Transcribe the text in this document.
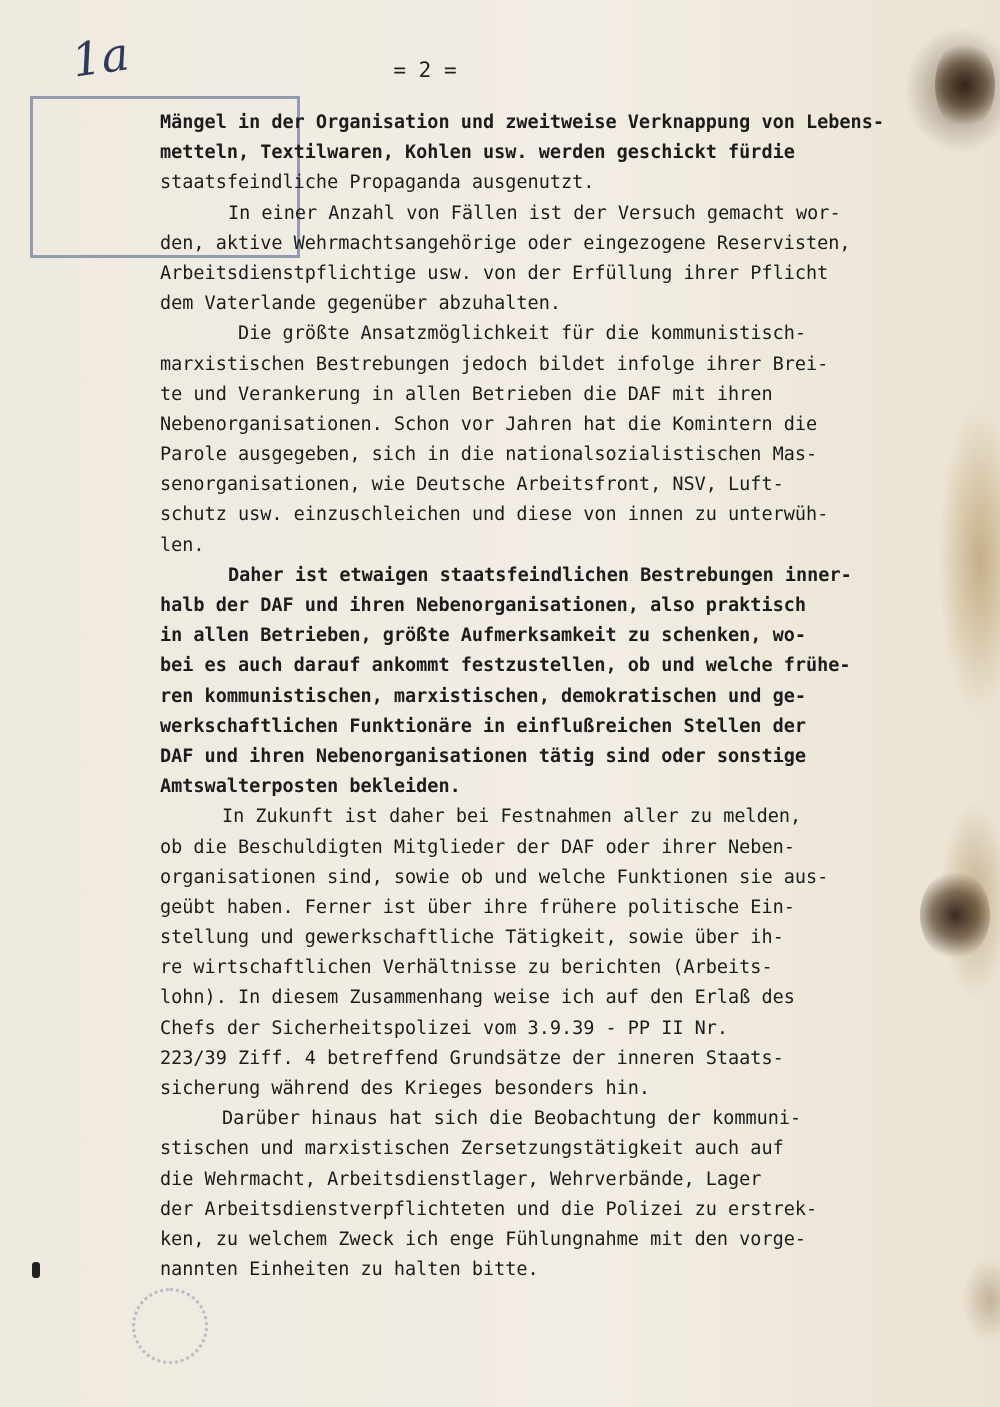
1a	= 2 =
Mängel in der Organisation und zweitweise Verknappung von Lebens-
metteln, Textilwaren, Kohlen usw. werden geschickt fürdie
staatsfeindliche Propaganda ausgenutzt.
In einer Anzahl von Fällen ist der Versuch gemacht wor-
den, aktive Wehrmachtsangehörige oder eingezogene Reservisten,
Arbeitsdienstpflichtige usw. von der Erfüllung ihrer Pflicht
dem Vaterlande gegenüber abzuhalten.
Die größte Ansatzmöglichkeit für die kommunistisch-
marxistischen Bestrebungen jedoch bildet infolge ihrer Brei-
te und Verankerung in allen Betrieben die DAF mit ihren
Nebenorganisationen. Schon vor Jahren hat die Komintern die
Parole ausgegeben, sich in die nationalsozialistischen Mas-
senorganisationen, wie Deutsche Arbeitsfront, NSV, Luft-
schutz usw. einzuschleichen und diese von innen zu unterwüh-
len.
Daher ist etwaigen staatsfeindlichen Bestrebungen inner-
halb der DAF und ihren Nebenorganisationen, also praktisch
in allen Betrieben, größte Aufmerksamkeit zu schenken, wo-
bei es auch darauf ankommt festzustellen, ob und welche frühe-
ren kommunistischen, marxistischen, demokratischen und ge-
werkschaftlichen Funktionäre in einflußreichen Stellen der
DAF und ihren Nebenorganisationen tätig sind oder sonstige
Amtswalterposten bekleiden.
In Zukunft ist daher bei Festnahmen aller zu melden,
ob die Beschuldigten Mitglieder der DAF oder ihrer Neben-
organisationen sind, sowie ob und welche Funktionen sie aus-
geübt haben. Ferner ist über ihre frühere politische Ein-
stellung und gewerkschaftliche Tätigkeit, sowie über ih-
re wirtschaftlichen Verhältnisse zu berichten (Arbeits-
lohn). In diesem Zusammenhang weise ich auf den Erlaß des
Chefs der Sicherheitspolizei vom 3.9.39 - PP II Nr.
223/39 Ziff. 4 betreffend Grundsätze der inneren Staats-
sicherung während des Krieges besonders hin.
Darüber hinaus hat sich die Beobachtung der kommuni-
stischen und marxistischen Zersetzungstätigkeit auch auf
die Wehrmacht, Arbeitsdienstlager, Wehrverbände, Lager
der Arbeitsdienstverpflichteten und die Polizei zu erstrek-
ken, zu welchem Zweck ich enge Fühlungnahme mit den vorge-
nannten Einheiten zu halten bitte.
